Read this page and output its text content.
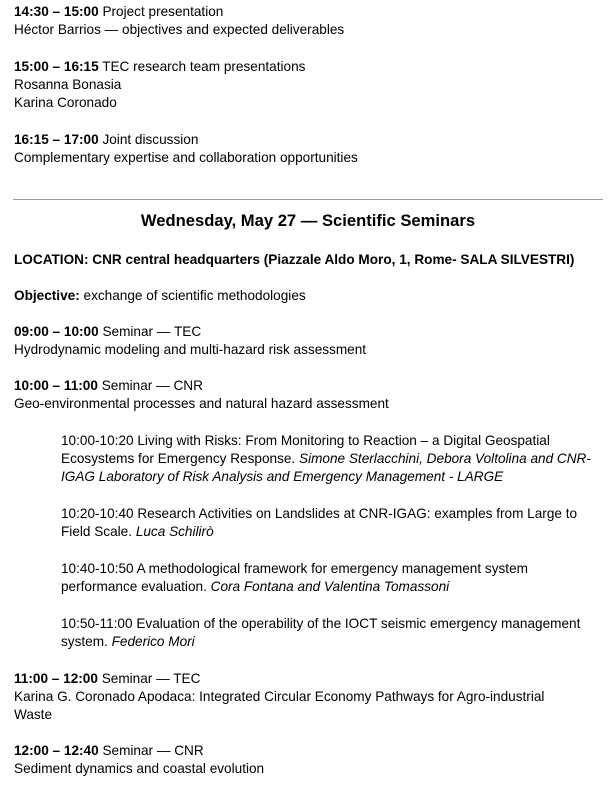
14:30 – 15:00 Project presentation
Héctor Barrios — objectives and expected deliverables
15:00 – 16:15 TEC research team presentations
Rosanna Bonasia
Karina Coronado
16:15 – 17:00 Joint discussion
Complementary expertise and collaboration opportunities
Wednesday, May 27 — Scientific Seminars
LOCATION: CNR central headquarters (Piazzale Aldo Moro, 1, Rome- SALA SILVESTRI)
Objective: exchange of scientific methodologies
09:00 – 10:00 Seminar — TEC
Hydrodynamic modeling and multi-hazard risk assessment
10:00 – 11:00 Seminar — CNR
Geo-environmental processes and natural hazard assessment
10:00-10:20 Living with Risks: From Monitoring to Reaction – a Digital Geospatial Ecosystems for Emergency Response. Simone Sterlacchini, Debora Voltolina and CNR-IGAG Laboratory of Risk Analysis and Emergency Management - LARGE
10:20-10:40 Research Activities on Landslides at CNR-IGAG: examples from Large to Field Scale. Luca Schilirò
10:40-10:50 A methodological framework for emergency management system performance evaluation. Cora Fontana and Valentina Tomassoni
10:50-11:00 Evaluation of the operability of the IOCT seismic emergency management system. Federico Mori
11:00 – 12:00 Seminar — TEC
Karina G. Coronado Apodaca: Integrated Circular Economy Pathways for Agro-industrial Waste
12:00 – 12:40 Seminar — CNR
Sediment dynamics and coastal evolution
